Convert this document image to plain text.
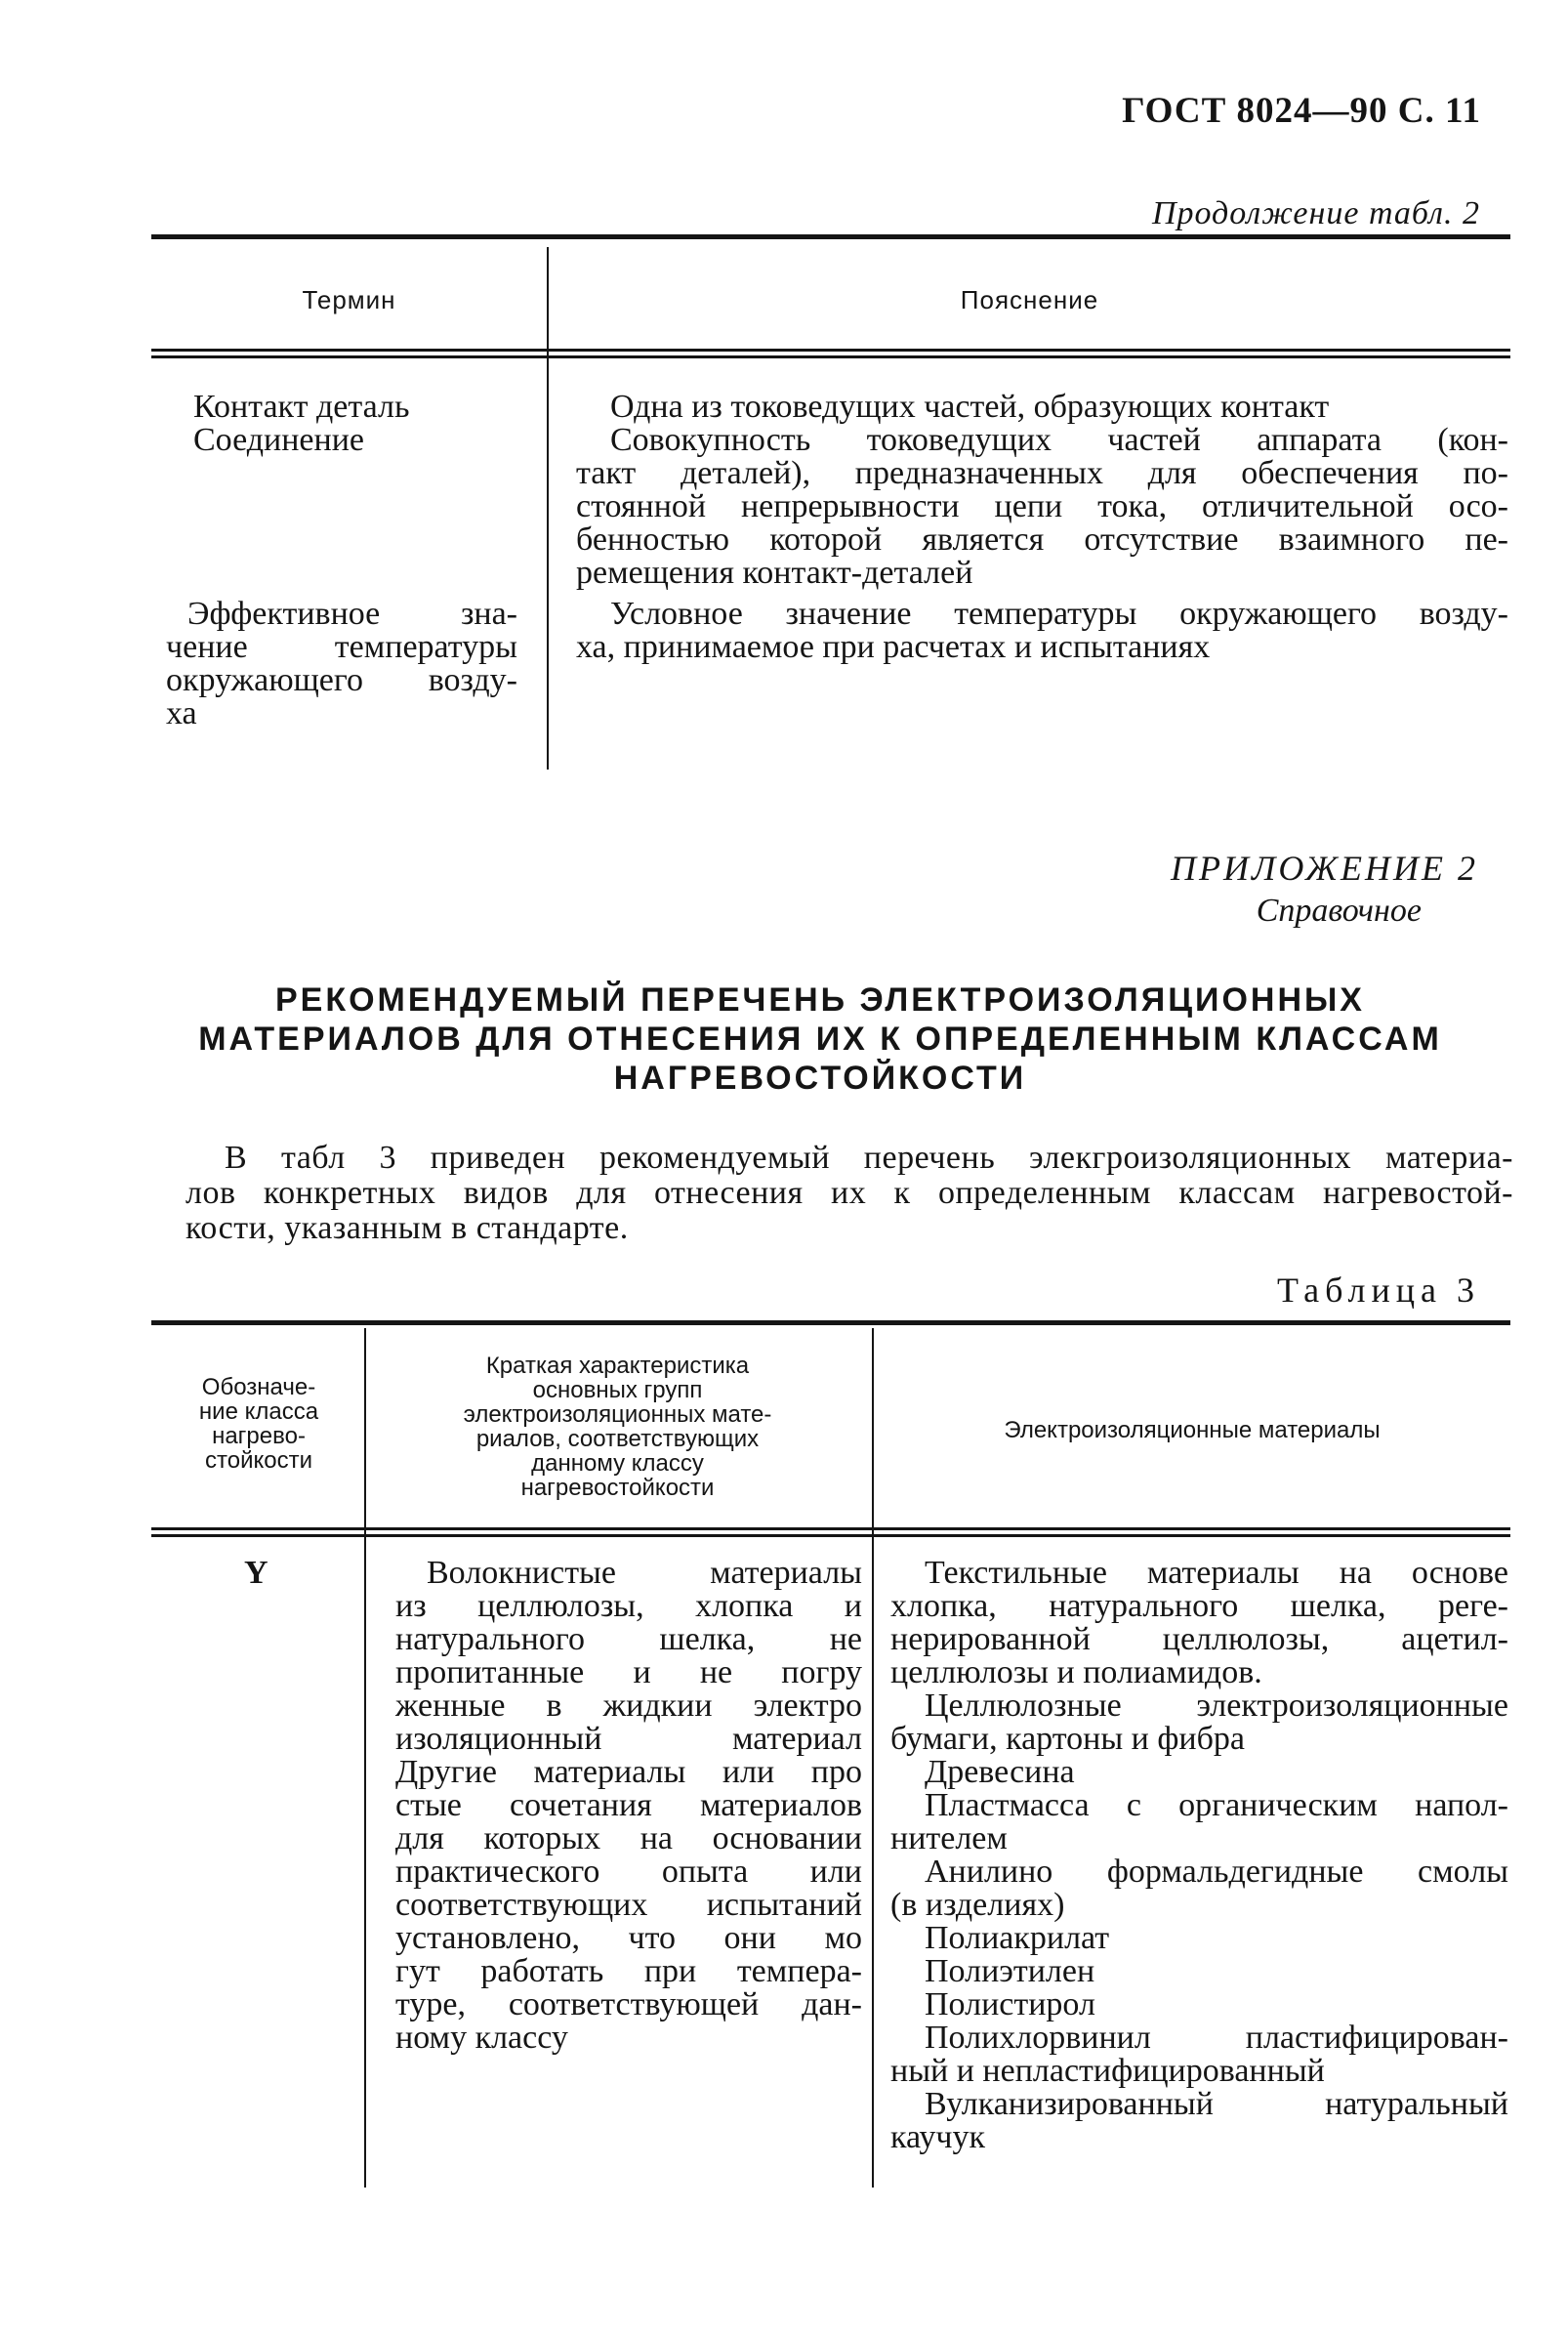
ГОСТ 8024—90 С. 11
Продолжение табл. 2
Термин	Пояснение
Контакт деталь
Соединение
Одна из токоведущих частей, образующих контакт
Совокупность токоведущих частей аппарата (кон-
такт деталей), предназначенных для обеспечения по-
стоянной непрерывности цепи тока, отличительной осо-
бенностью которой является отсутствие взаимного пе-
ремещения контакт-деталей
Эффективное зна-
чение температуры
окружающего возду-
ха
Условное значение температуры окружающего возду-
ха, принимаемое при расчетах и испытаниях
ПРИЛОЖЕНИЕ 2
Справочное
РЕКОМЕНДУЕМЫЙ ПЕРЕЧЕНЬ ЭЛЕКТРОИЗОЛЯЦИОННЫХ
МАТЕРИАЛОВ ДЛЯ ОТНЕСЕНИЯ ИХ К ОПРЕДЕЛЕННЫМ КЛАССАМ
НАГРЕВОСТОЙКОСТИ
В табл 3 приведен рекомендуемый перечень элекгроизоляционных материа-
лов конкретных видов для отнесения их к определенным классам нагревостой-
кости, указанным в стандарте.
Таблица 3
Обозначе-
ние класса
нагрево-
стойкости
Краткая характеристика
основных групп
электроизоляционных мате-
риалов, соответствующих
данному классу
нагревостойкости
Электроизоляционные материалы
Y	Волокнистые материалы
из целлюлозы, хлопка и
натурального шелка, не
пропитанные и не погру
женные в жидкии электро
изоляционный материал
Другие материалы или про
стые сочетания материалов
для которых на основании
практического опыта или
соответствующих испытаний
установлено, что они мо
гут работать при темпера-
туре, соответствующей дан-
ному классу
Текстильные материалы на основе
хлопка, натурального шелка, реге-
нерированной целлюлозы, ацетил-
целлюлозы и полиамидов.
Целлюлозные электроизоляционные
бумаги, картоны и фибра
Древесина
Пластмасса с органическим напол-
нителем
Анилино формальдегидные смолы
(в изделиях)
Полиакрилат
Полиэтилен
Полистирол
Полихлорвинил пластифицирован-
ный и непластифицированный
Вулканизированный натуральный
каучук
